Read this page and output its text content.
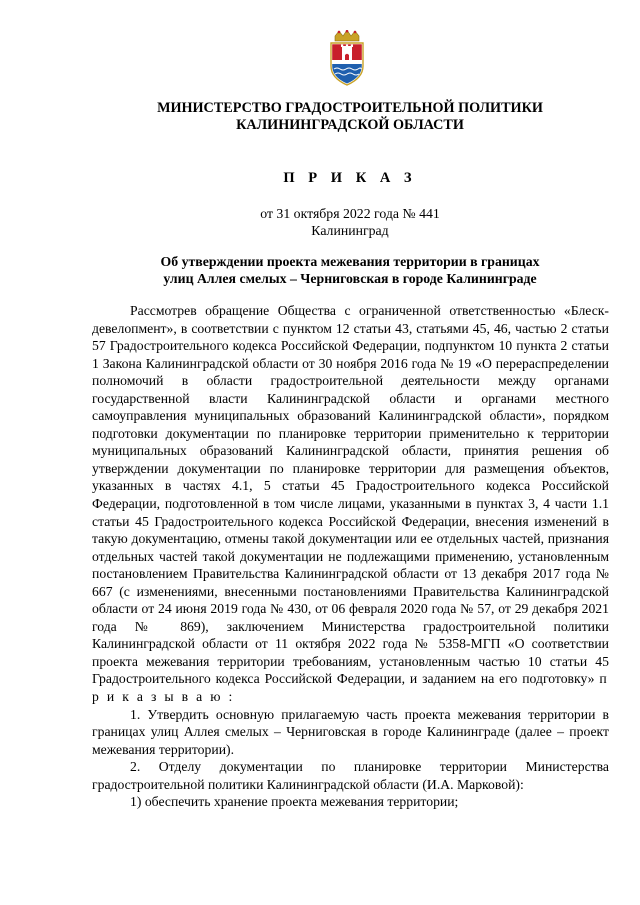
МИНИСТЕРСТВО ГРАДОСТРОИТЕЛЬНОЙ ПОЛИТИКИ
КАЛИНИНГРАДСКОЙ ОБЛАСТИ
П Р И К А З
от 31 октября 2022 года № 441
Калининград
Об утверждении проекта межевания территории в границах
улиц Аллея смелых – Черниговская в городе Калининграде

Рассмотрев обращение Общества с ограниченной ответственностью «Блеск-девелопмент», в соответствии с пунктом 12 статьи 43, статьями 45, 46, частью 2 статьи 57 Градостроительного кодекса Российской Федерации, подпунктом 10 пункта 2 статьи 1 Закона Калининградской области от 30 ноября 2016 года № 19 «О перераспределении полномочий в области градостроительной деятельности между органами государственной власти Калининградской области и органами местного самоуправления муниципальных образований Калининградской области», порядком подготовки документации по планировке территории применительно к территории муниципальных образований Калининградской области, принятия решения об утверждении документации по планировке территории для размещения объектов, указанных в частях 4.1, 5 статьи 45 Градостроительного кодекса Российской Федерации, подготовленной в том числе лицами, указанными в пунктах 3, 4 части 1.1 статьи 45 Градостроительного кодекса Российской Федерации, внесения изменений в такую документацию, отмены такой документации или ее отдельных частей, признания отдельных частей такой документации не подлежащими применению, установленным постановлением Правительства Калининградской области от 13 декабря 2017 года № 667 (с изменениями, внесенными постановлениями Правительства Калининградской области от 24 июня 2019 года № 430, от 06 февраля 2020 года № 57, от 29 декабря 2021 года № 869), заключением Министерства градостроительной политики Калининградской области от 11 октября 2022 года № 5358-МГП «О соответствии проекта межевания территории требованиям, установленным частью 10 статьи 45 Градостроительного кодекса Российской Федерации, и заданием на его подготовку» п р и к а з ы в а ю :

1. Утвердить основную прилагаемую часть проекта межевания территории в границах улиц Аллея смелых – Черниговская в городе Калининграде (далее – проект межевания территории).

2. Отделу документации по планировке территории Министерства градостроительной политики Калининградской области (И.А. Марковой):

1) обеспечить хранение проекта межевания территории;
